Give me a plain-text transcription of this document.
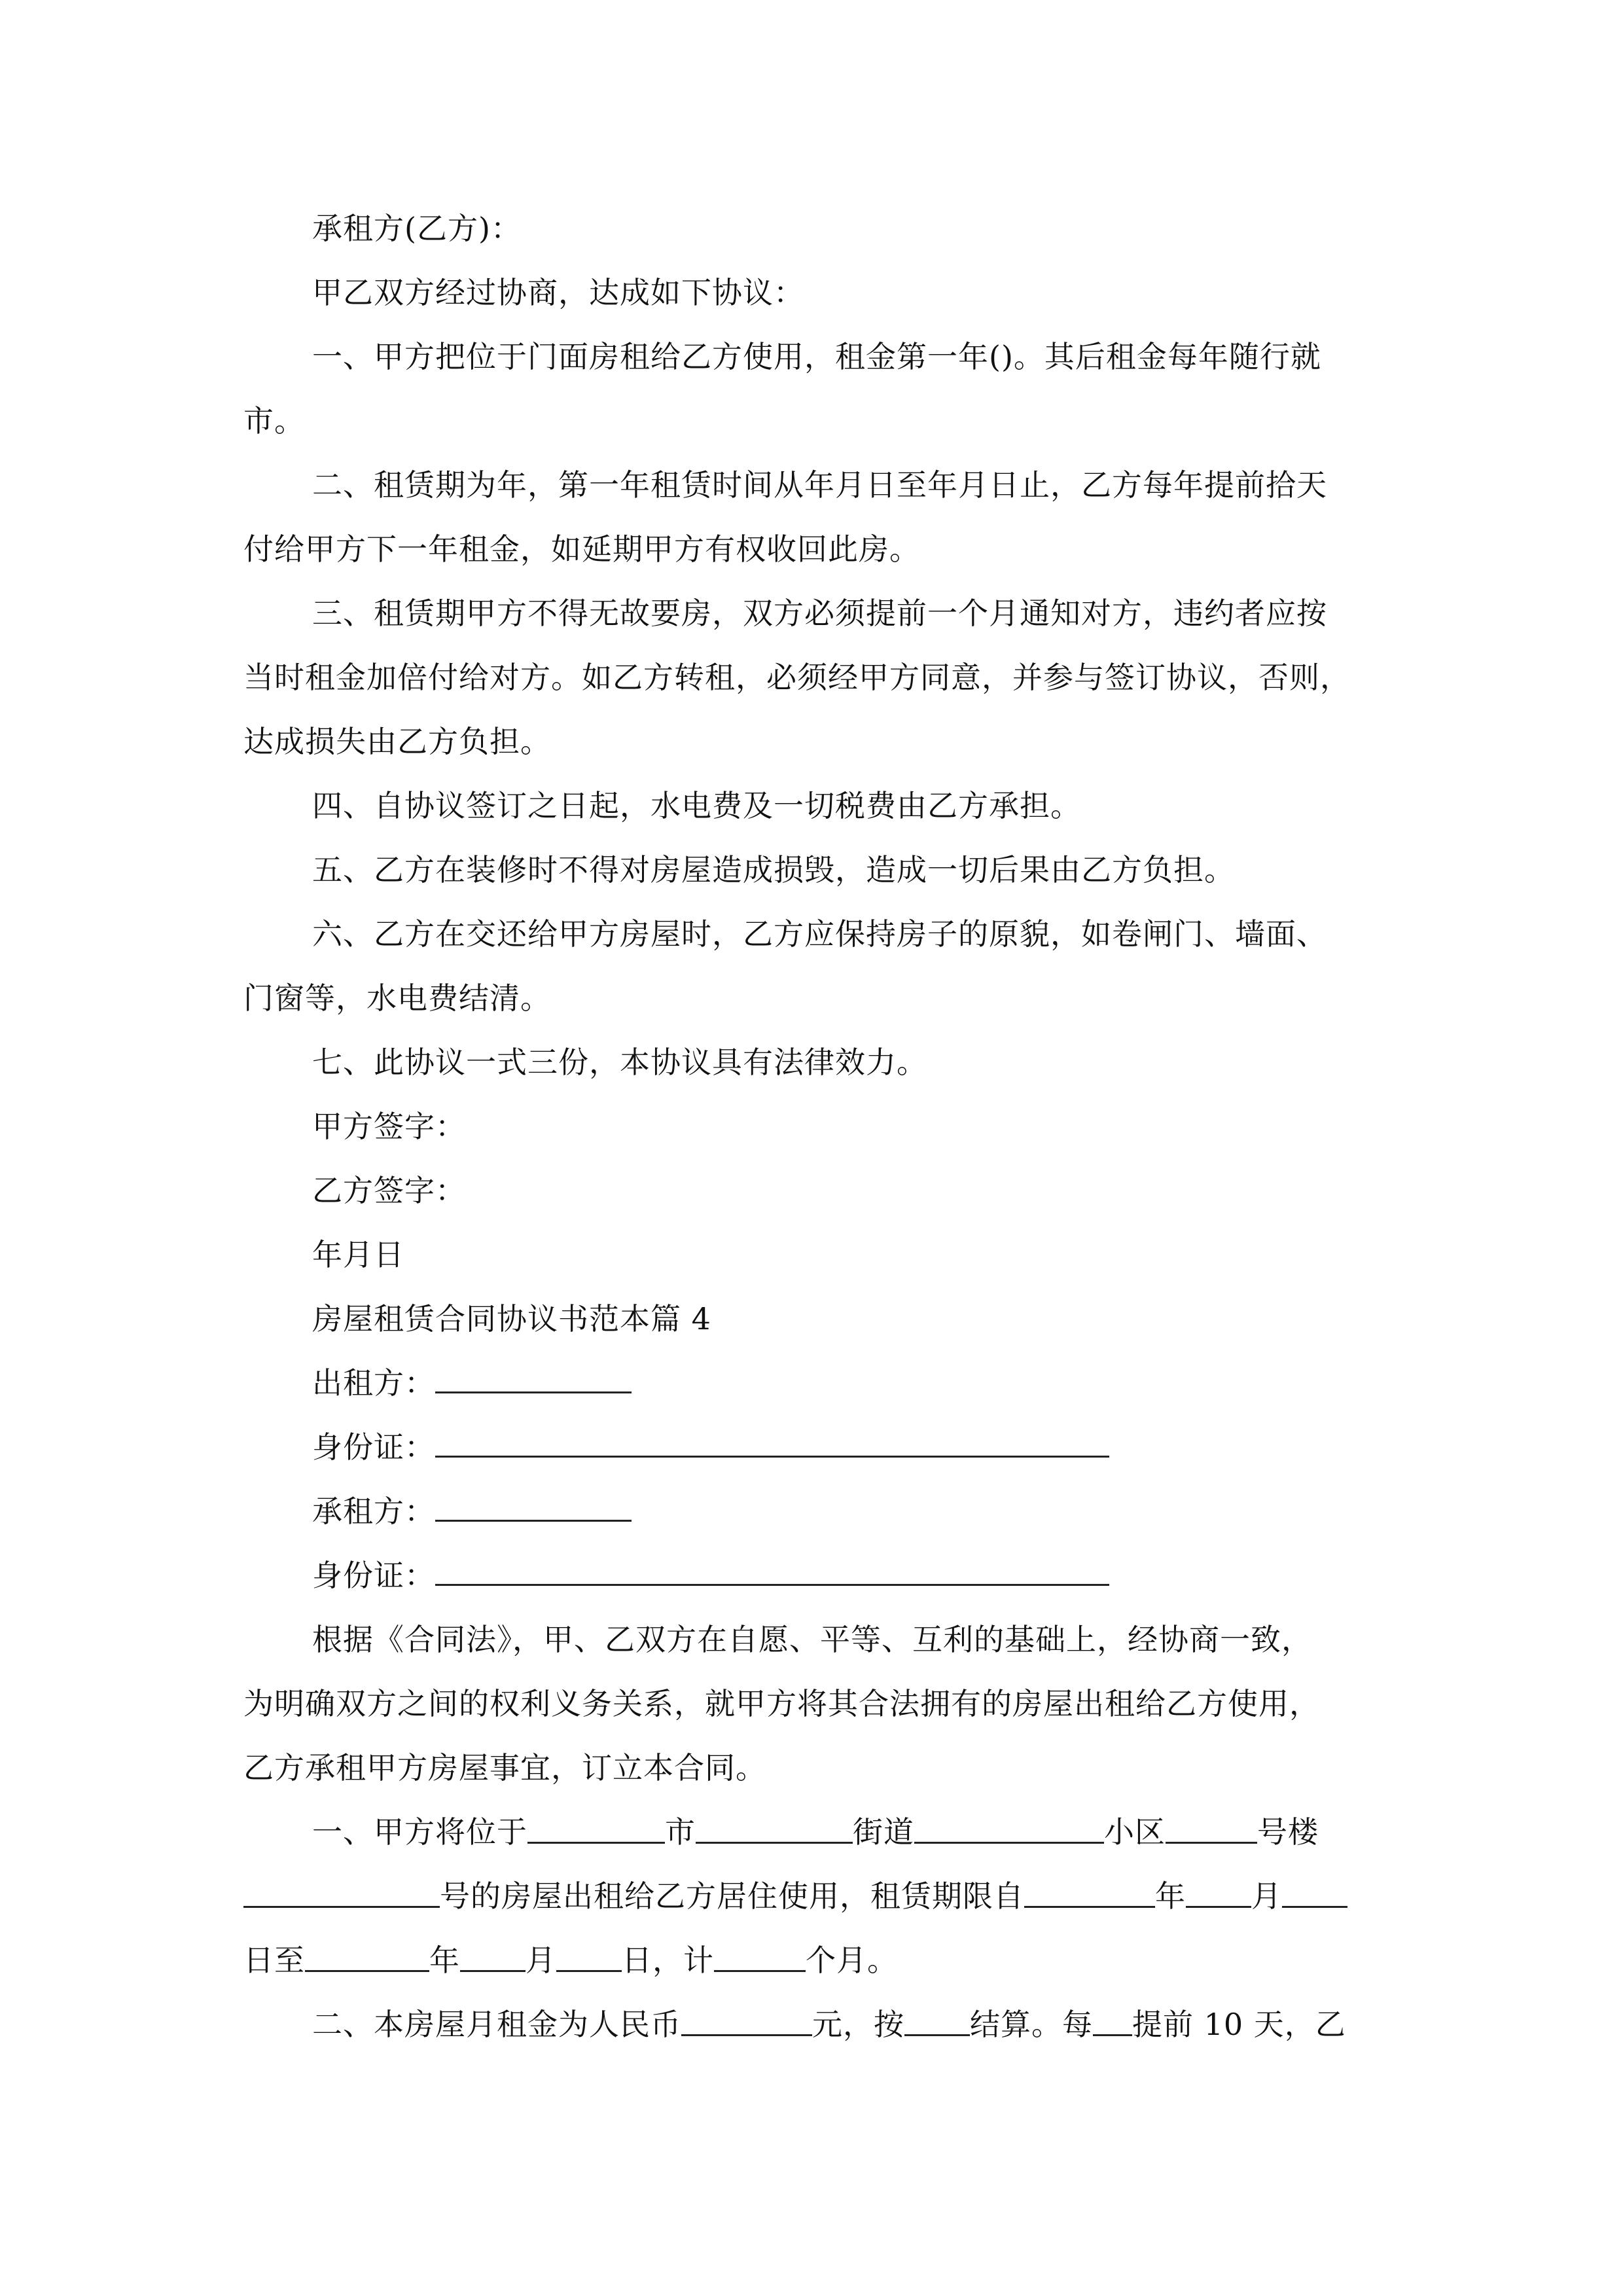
承租方(乙方)：

甲乙双方经过协商，达成如下协议：

一、甲方把位于门面房租给乙方使用，租金第一年()。其后租金每年随行就

市。

二、租赁期为年，第一年租赁时间从年月日至年月日止，乙方每年提前拾天

付给甲方下一年租金，如延期甲方有权收回此房。

三、租赁期甲方不得无故要房，双方必须提前一个月通知对方，违约者应按

当时租金加倍付给对方。如乙方转租，必须经甲方同意，并参与签订协议，否则，

达成损失由乙方负担。

四、自协议签订之日起，水电费及一切税费由乙方承担。

五、乙方在装修时不得对房屋造成损毁，造成一切后果由乙方负担。

六、乙方在交还给甲方房屋时，乙方应保持房子的原貌，如卷闸门、墙面、

门窗等，水电费结清。

七、此协议一式三份，本协议具有法律效力。

甲方签字：

乙方签字：

年月日

房屋租赁合同协议书范本篇 4

出租方：

身份证：

承租方：

身份证：

根据《合同法》，甲、乙双方在自愿、平等、互利的基础上，经协商一致，

为明确双方之间的权利义务关系，就甲方将其合法拥有的房屋出租给乙方使用，

乙方承租甲方房屋事宜，订立本合同。

一、甲方将位于	市	街道	小区	号楼

号的房屋出租给乙方居住使用，租赁期限自	年 月

日至	年 月 日，计	个月。

二、本房屋月租金为人民币	元，按 结算。每 提前 10 天，乙
